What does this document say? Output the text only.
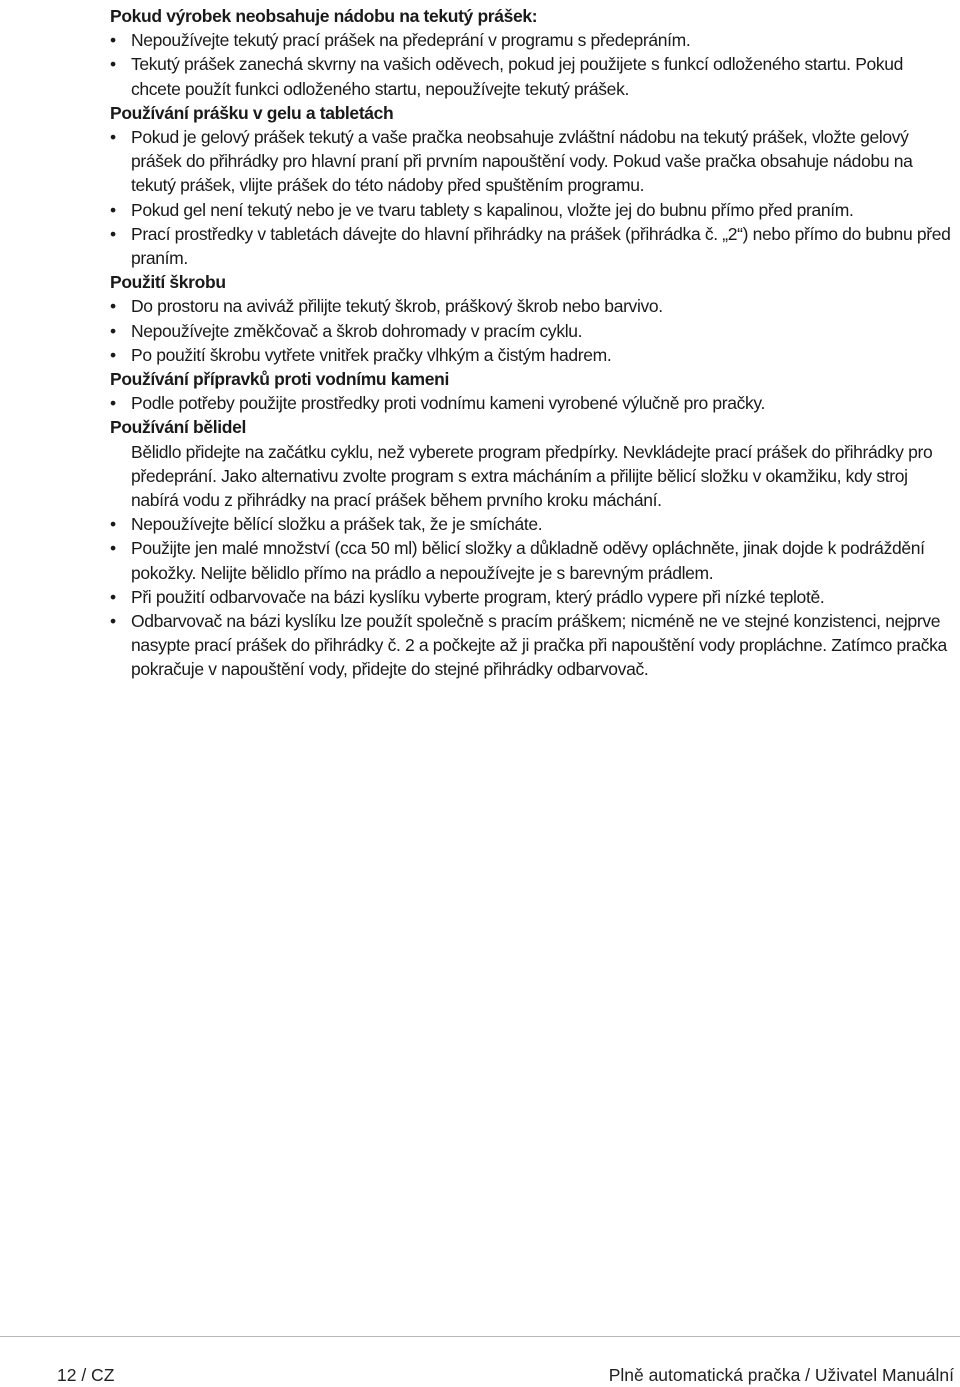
Pokud výrobek neobsahuje nádobu na tekutý prášek:

• Nepoužívejte tekutý prací prášek na předeprání v programu s předepráním.

• Tekutý prášek zanechá skvrny na vašich oděvech, pokud jej použijete s funkcí odloženého startu. Pokud chcete použít funkci odloženého startu, nepoužívejte tekutý prášek.

Používání prášku v gelu a tabletách

• Pokud je gelový prášek tekutý a vaše pračka neobsahuje zvláštní nádobu na tekutý prášek, vložte gelový prášek do přihrádky pro hlavní praní při prvním napouštění vody. Pokud vaše pračka obsahuje nádobu na tekutý prášek, vlijte prášek do této nádoby před spuštěním programu.

• Pokud gel není tekutý nebo je ve tvaru tablety s kapalinou, vložte jej do bubnu přímo před praním.

• Prací prostředky v tabletách dávejte do hlavní přihrádky na prášek (přihrádka č. „2“) nebo přímo do bubnu před praním.

Použití škrobu

• Do prostoru na aviváž přilijte tekutý škrob, práškový škrob nebo barvivo.

• Nepoužívejte změkčovač a škrob dohromady v pracím cyklu.

• Po použití škrobu vytřete vnitřek pračky vlhkým a čistým hadrem.

Používání přípravků proti vodnímu kameni

• Podle potřeby použijte prostředky proti vodnímu kameni vyrobené výlučně pro pračky.

Používání bělidel

Bělidlo přidejte na začátku cyklu, než vyberete program předpírky. Nevkládejte prací prášek do přihrádky pro předeprání. Jako alternativu zvolte program s extra mácháním a přilijte bělicí složku v okamžiku, kdy stroj nabírá vodu z přihrádky na prací prášek během prvního kroku máchání.

• Nepoužívejte bělící složku a prášek tak, že je smícháte.

• Použijte jen malé množství (cca 50 ml) bělicí složky a důkladně oděvy opláchněte, jinak dojde k podráždění pokožky. Nelijte bělidlo přímo na prádlo a nepoužívejte je s barevným prádlem.

• Při použití odbarvovače na bázi kyslíku vyberte program, který prádlo vypere při nízké teplotě.

• Odbarvovač na bázi kyslíku lze použít společně s pracím práškem; nicméně ne ve stejné konzistenci, nejprve nasypte prací prášek do přihrádky č. 2 a počkejte až ji pračka při napouštění vody propláchne. Zatímco pračka pokračuje v napouštění vody, přidejte do stejné přihrádky odbarvovač.

12 / CZ	Plně automatická pračka / Uživatel Manuální
